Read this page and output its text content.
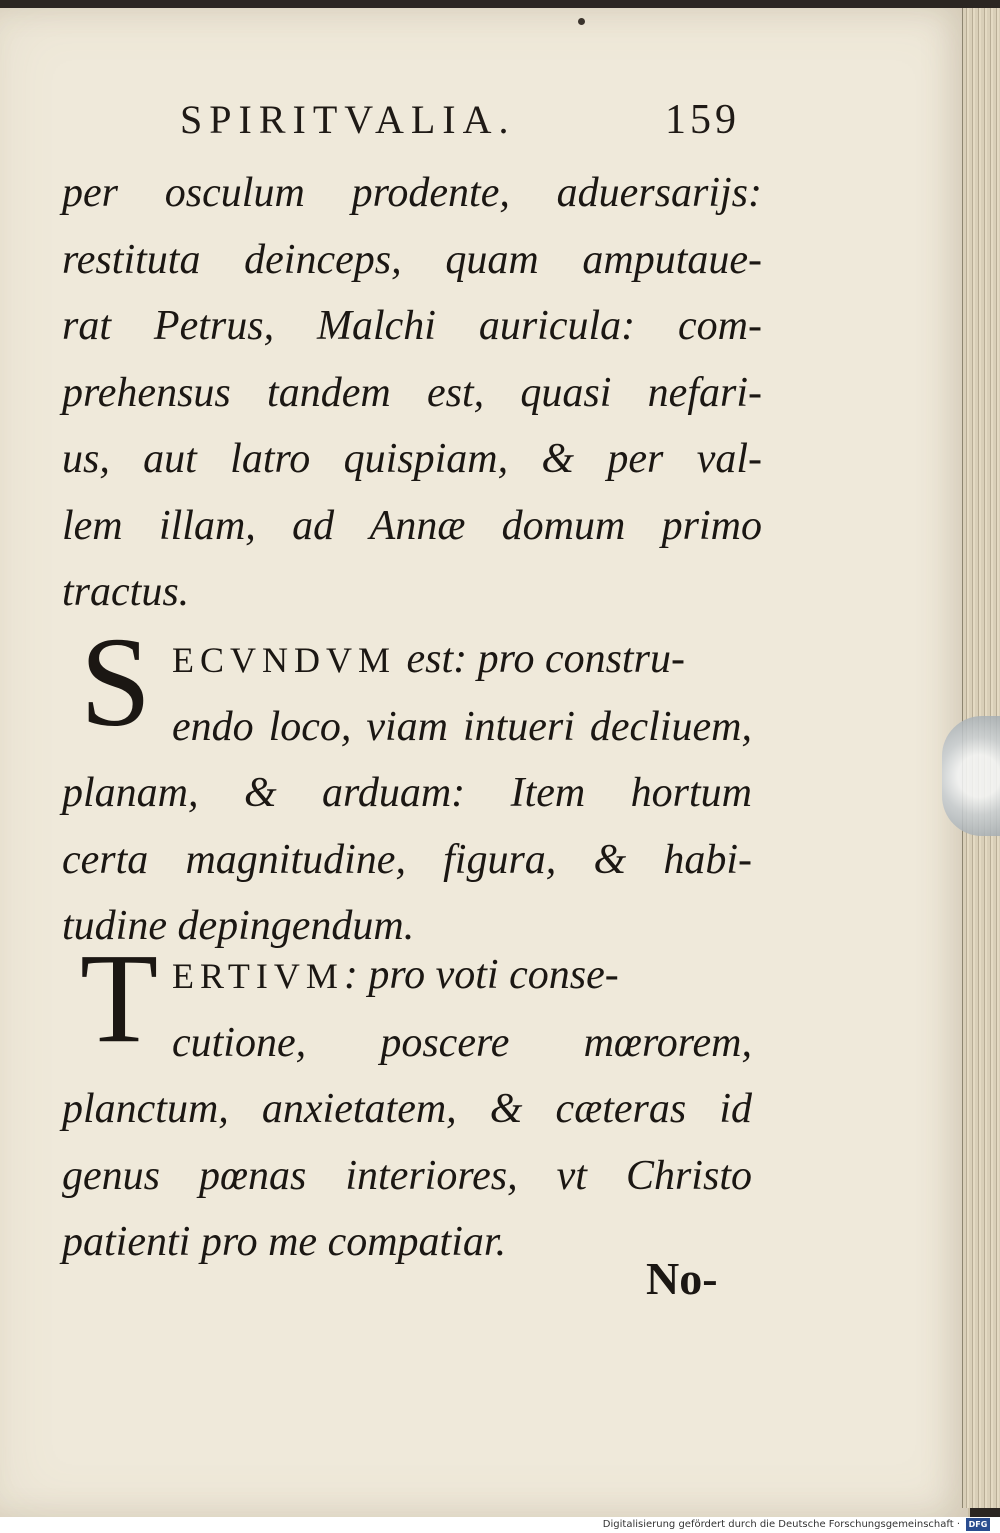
SPIRITVALIA.	159
per osculum prodente, aduersarijs:
restituta deinceps, quam amputaue-
rat Petrus, Malchi auricula: com-
prehensus tandem est, quasi nefari-
us, aut latro quispiam, & per val-
lem illam, ad Annæ domum primo
tractus.
S ECVNDVM est: pro constru-
endo loco, viam intueri decliuem,
planam, & arduam: Item hortum
certa magnitudine, figura, & habi-
tudine depingendum.
T ERTIVM: pro voti conse-
cutione, poscere mœrorem,
planctum, anxietatem, & cæteras id
genus pœnas interiores, vt Christo
patienti pro me compatiar.
No-
Digitalisierung gefördert durch die Deutsche Forschungsgemeinschaft ·	DFG
